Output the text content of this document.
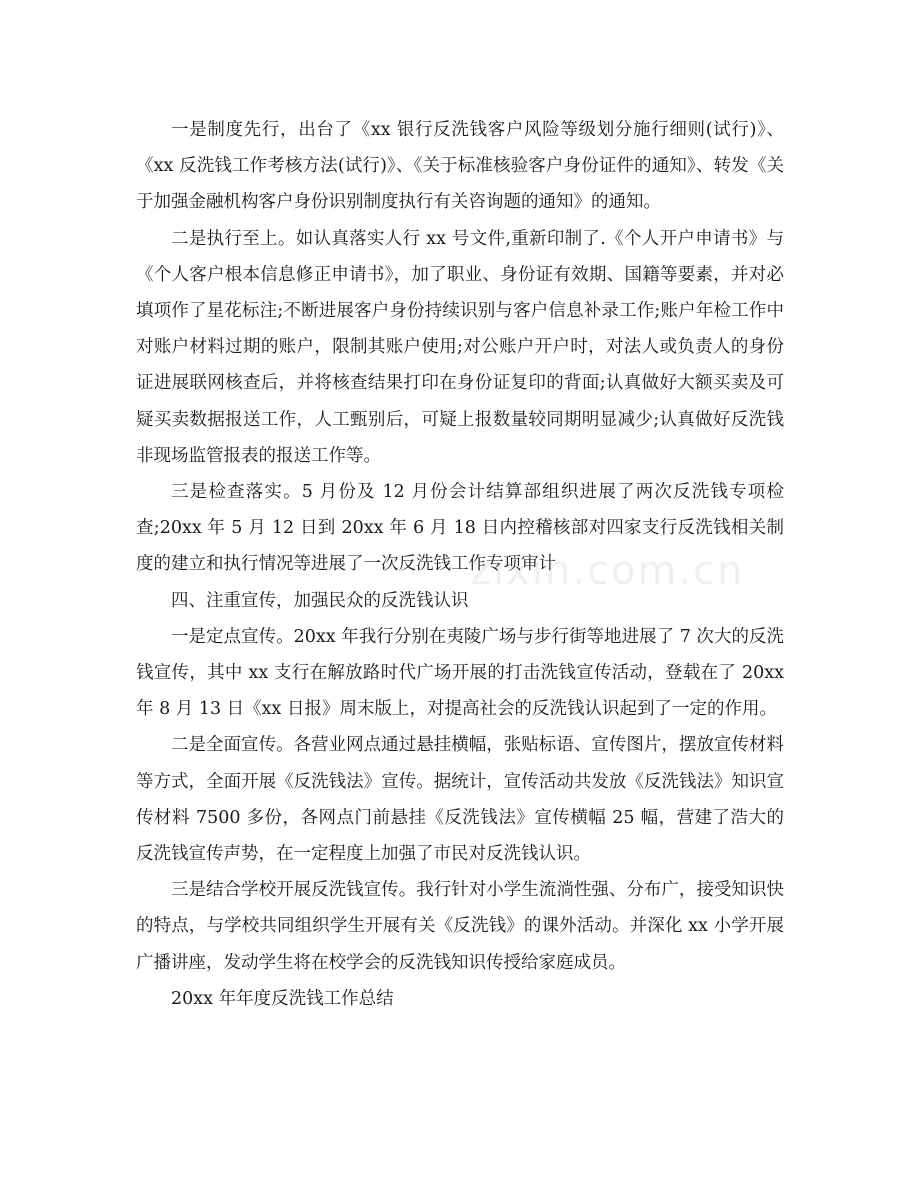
一是制度先行，出台了《xx 银行反洗钱客户风险等级划分施行细则(试行)》、《xx 反洗钱工作考核方法(试行)》、《关于标准核验客户身份证件的通知》、转发《关于加强金融机构客户身份识别制度执行有关咨询题的通知》的通知。

二是执行至上。如认真落实人行 xx 号文件,重新印制了.《个人开户申请书》与《个人客户根本信息修正申请书》，加了职业、身份证有效期、国籍等要素，并对必填项作了星花标注;不断进展客户身份持续识别与客户信息补录工作;账户年检工作中对账户材料过期的账户，限制其账户使用;对公账户开户时，对法人或负责人的身份证进展联网核查后，并将核查结果打印在身份证复印的背面;认真做好大额买卖及可疑买卖数据报送工作，人工甄别后，可疑上报数量较同期明显减少;认真做好反洗钱非现场监管报表的报送工作等。

三是检查落实。5 月份及 12 月份会计结算部组织进展了两次反洗钱专项检查;20xx 年 5 月 12 日到 20xx 年 6 月 18 日内控稽核部对四家支行反洗钱相关制度的建立和执行情况等进展了一次反洗钱工作专项审计

四、注重宣传，加强民众的反洗钱认识

一是定点宣传。20xx 年我行分别在夷陵广场与步行街等地进展了 7 次大的反洗钱宣传，其中 xx 支行在解放路时代广场开展的打击洗钱宣传活动，登载在了 20xx 年 8 月 13 日《xx 日报》周末版上，对提高社会的反洗钱认识起到了一定的作用。

二是全面宣传。各营业网点通过悬挂横幅，张贴标语、宣传图片，摆放宣传材料等方式，全面开展《反洗钱法》宣传。据统计，宣传活动共发放《反洗钱法》知识宣传材料 7500 多份，各网点门前悬挂《反洗钱法》宣传横幅 25 幅，营建了浩大的反洗钱宣传声势，在一定程度上加强了市民对反洗钱认识。

三是结合学校开展反洗钱宣传。我行针对小学生流淌性强、分布广，接受知识快的特点，与学校共同组织学生开展有关《反洗钱》的课外活动。并深化 xx 小学开展广播讲座，发动学生将在校学会的反洗钱知识传授给家庭成员。

20xx 年年度反洗钱工作总结

zixin.com.cn
